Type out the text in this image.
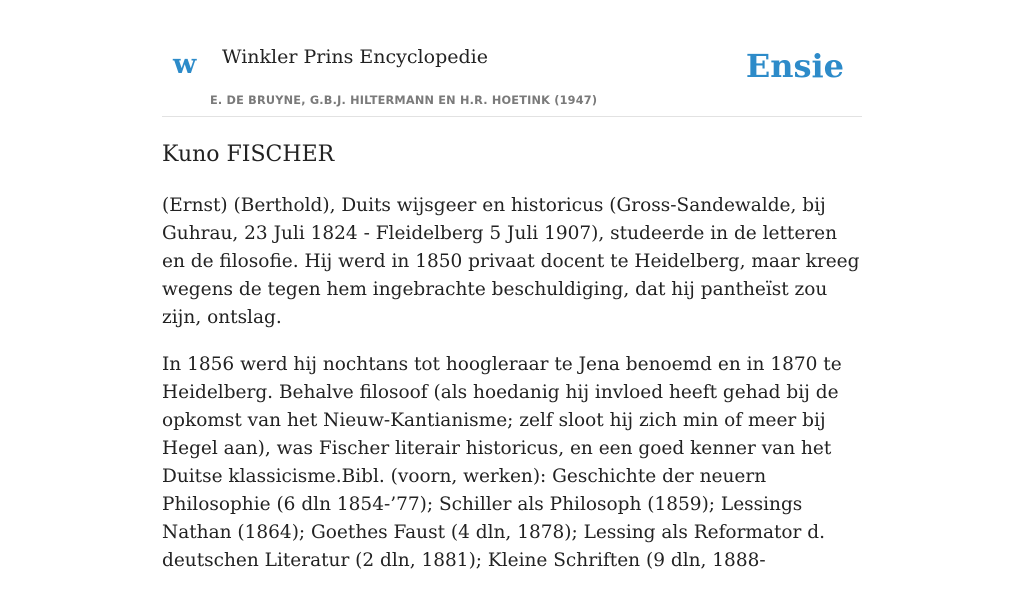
w Winkler Prins Encyclopedie
E. DE BRUYNE, G.B.J. HILTERMANN EN H.R. HOETINK (1947)
Ensie
Kuno FISCHER

(Ernst) (Berthold), Duits wijsgeer en historicus (Gross-Sandewalde, bij Guhrau, 23 Juli 1824 - Fleidelberg 5 Juli 1907), studeerde in de letteren en de filosofie. Hij werd in 1850 privaat docent te Heidelberg, maar kreeg wegens de tegen hem ingebrachte beschuldiging, dat hij pantheïst zou zijn, ontslag.

In 1856 werd hij nochtans tot hoogleraar te Jena benoemd en in 1870 te Heidelberg. Behalve filosoof (als hoedanig hij invloed heeft gehad bij de opkomst van het Nieuw-Kantianisme; zelf sloot hij zich min of meer bij Hegel aan), was Fischer literair historicus, en een goed kenner van het Duitse klassicisme.Bibl. (voorn, werken): Geschichte der neuern Philosophie (6 dln 1854-’77); Schiller als Philosoph (1859); Lessings Nathan (1864); Goethes Faust (4 dln, 1878); Lessing als Reformator d. deutschen Literatur (2 dln, 1881); Kleine Schriften (9 dln, 1888-
